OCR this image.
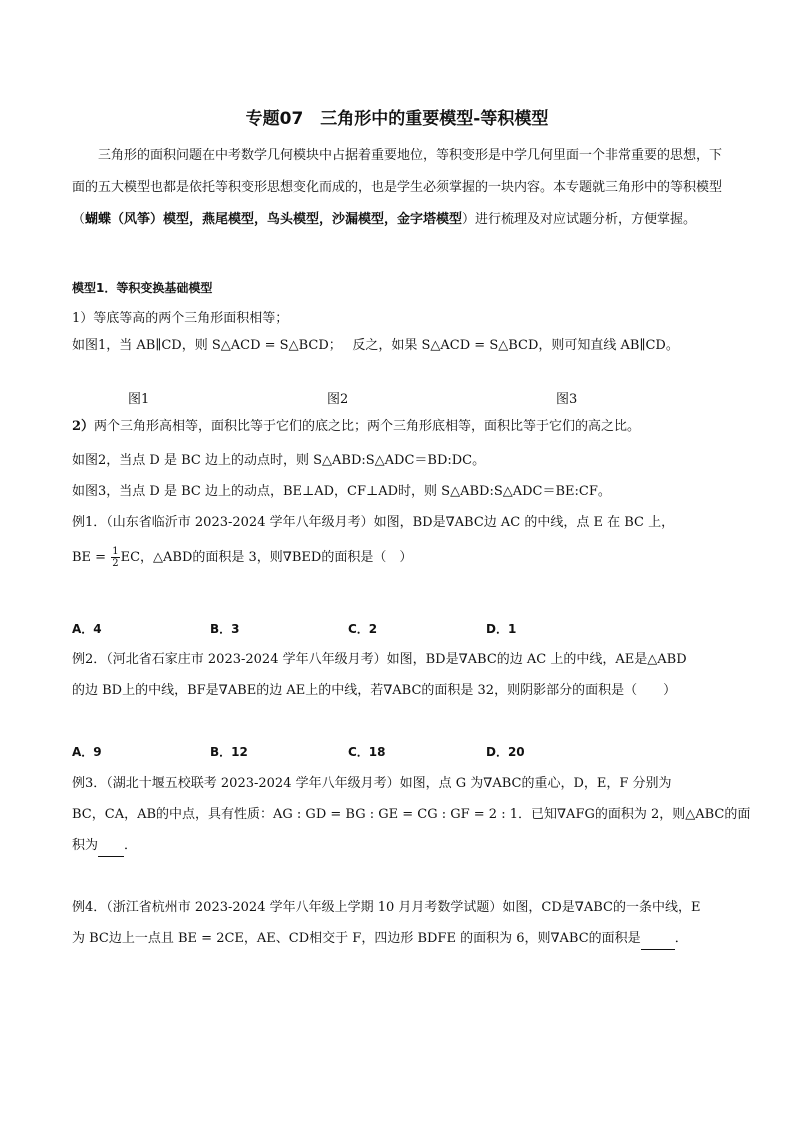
专题07　三角形中的重要模型-等积模型
三角形的面积问题在中考数学几何模块中占据着重要地位，等积变形是中学几何里面一个非常重要的思想，下面的五大模型也都是依托等积变形思想变化而成的，也是学生必须掌握的一块内容。本专题就三角形中的等积模型（蝴蝶（风筝）模型，燕尾模型，鸟头模型，沙漏模型，金字塔模型）进行梳理及对应试题分析，方便掌握。
模型1．等积变换基础模型
1）等底等高的两个三角形面积相等；
如图1，当 AB∥CD，则 S△ACD = S△BCD；　 反之，如果 S△ACD = S△BCD，则可知直线 AB∥CD。
图1	图2	图3
2）两个三角形高相等，面积比等于它们的底之比；两个三角形底相等，面积比等于它们的高之比。
如图2，当点 D 是 BC 边上的动点时，则 S△ABD:S△ADC＝BD:DC。
如图3，当点 D 是 BC 边上的动点，BE⊥AD，CF⊥AD时，则 S△ABD:S△ADC＝BE:CF。
例1．（山东省临沂市 2023-2024 学年八年级月考）如图，BD是∇ABC边 AC 的中线，点 E 在 BC 上，
BE = $\frac{1}{2}$ EC，△ABD的面积是 3，则∇BED的面积是（　）
A．4	B．3	C．2	D．1
例2．（河北省石家庄市 2023-2024 学年八年级月考）如图，BD是∇ABC的边 AC 上的中线，AE是△ABD
的边 BD上的中线，BF是∇ABE的边 AE上的中线，若∇ABC的面积是 32，则阴影部分的面积是（　　）
A．9	B．12	C．18	D．20
例3．（湖北十堰五校联考 2023-2024 学年八年级月考）如图，点 G 为∇ABC的重心，D，E，F 分别为
BC，CA，AB的中点，具有性质：AG : GD = BG : GE = CG : GF = 2 : 1．已知∇AFG的面积为 2，则△ABC的面
积为 ．
例4．（浙江省杭州市 2023-2024 学年八年级上学期 10 月月考数学试题）如图，CD是∇ABC的一条中线，E
为 BC边上一点且 BE = 2CE，AE、CD相交于 F，四边形 BDFE 的面积为 6，则∇ABC的面积是	．
